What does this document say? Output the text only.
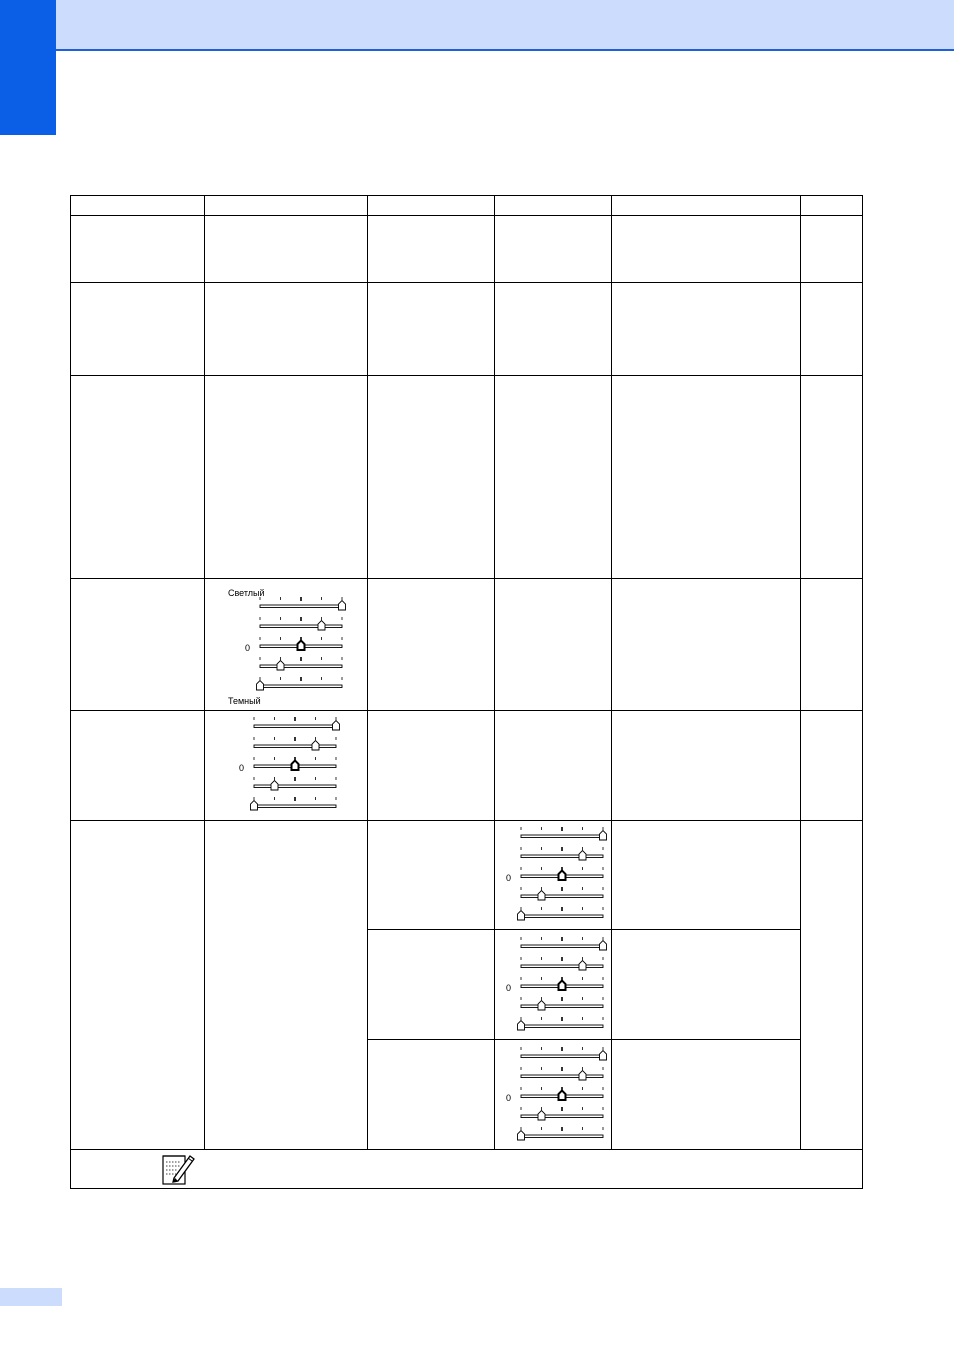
Светлый
0
Темный
0
0
0
0
